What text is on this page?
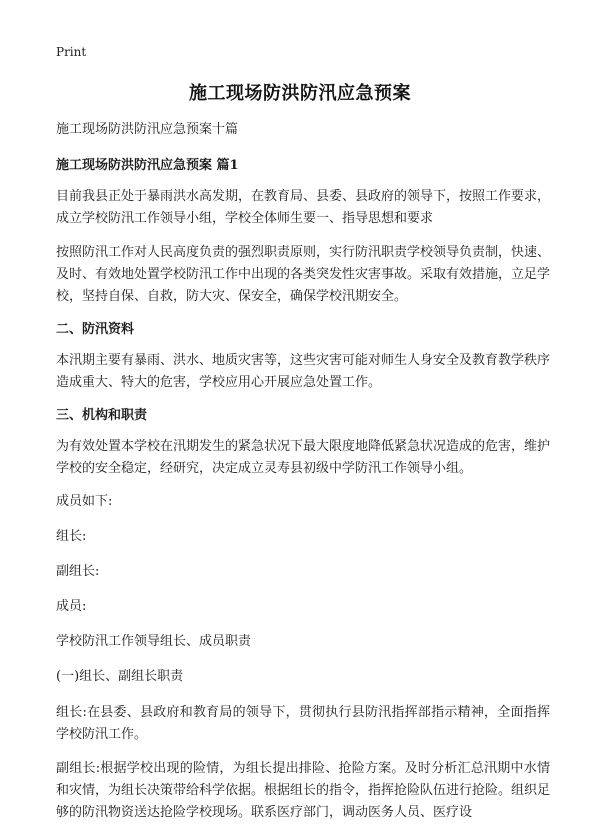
Print
施工现场防洪防汛应急预案
施工现场防洪防汛应急预案十篇
施工现场防洪防汛应急预案 篇1

目前我县正处于暴雨洪水高发期，在教育局、县委、县政府的领导下，按照工作要求，成立学校防汛工作领导小组，学校全体师生要一、指导思想和要求

按照防汛工作对人民高度负责的强烈职责原则，实行防汛职责学校领导负责制，快速、及时、有效地处置学校防汛工作中出现的各类突发性灾害事故。采取有效措施，立足学校，坚持自保、自救，防大灾、保安全，确保学校汛期安全。

二、防汛资料

本汛期主要有暴雨、洪水、地质灾害等，这些灾害可能对师生人身安全及教育教学秩序造成重大、特大的危害，学校应用心开展应急处置工作。

三、机构和职责

为有效处置本学校在汛期发生的紧急状况下最大限度地降低紧急状况造成的危害，维护学校的安全稳定，经研究，决定成立灵寿县初级中学防汛工作领导小组。

成员如下:
组长:
副组长:
成员:
学校防汛工作领导组长、成员职责
(一)组长、副组长职责

组长:在县委、县政府和教育局的领导下，贯彻执行县防汛指挥部指示精神，全面指挥学校防汛工作。

副组长:根据学校出现的险情，为组长提出排险、抢险方案。及时分析汇总汛期中水情和灾情，为组长决策带给科学依据。根据组长的指令，指挥抢险队伍进行抢险。组织足够的防汛物资送达抢险学校现场。联系医疗部门，调动医务人员、医疗设
